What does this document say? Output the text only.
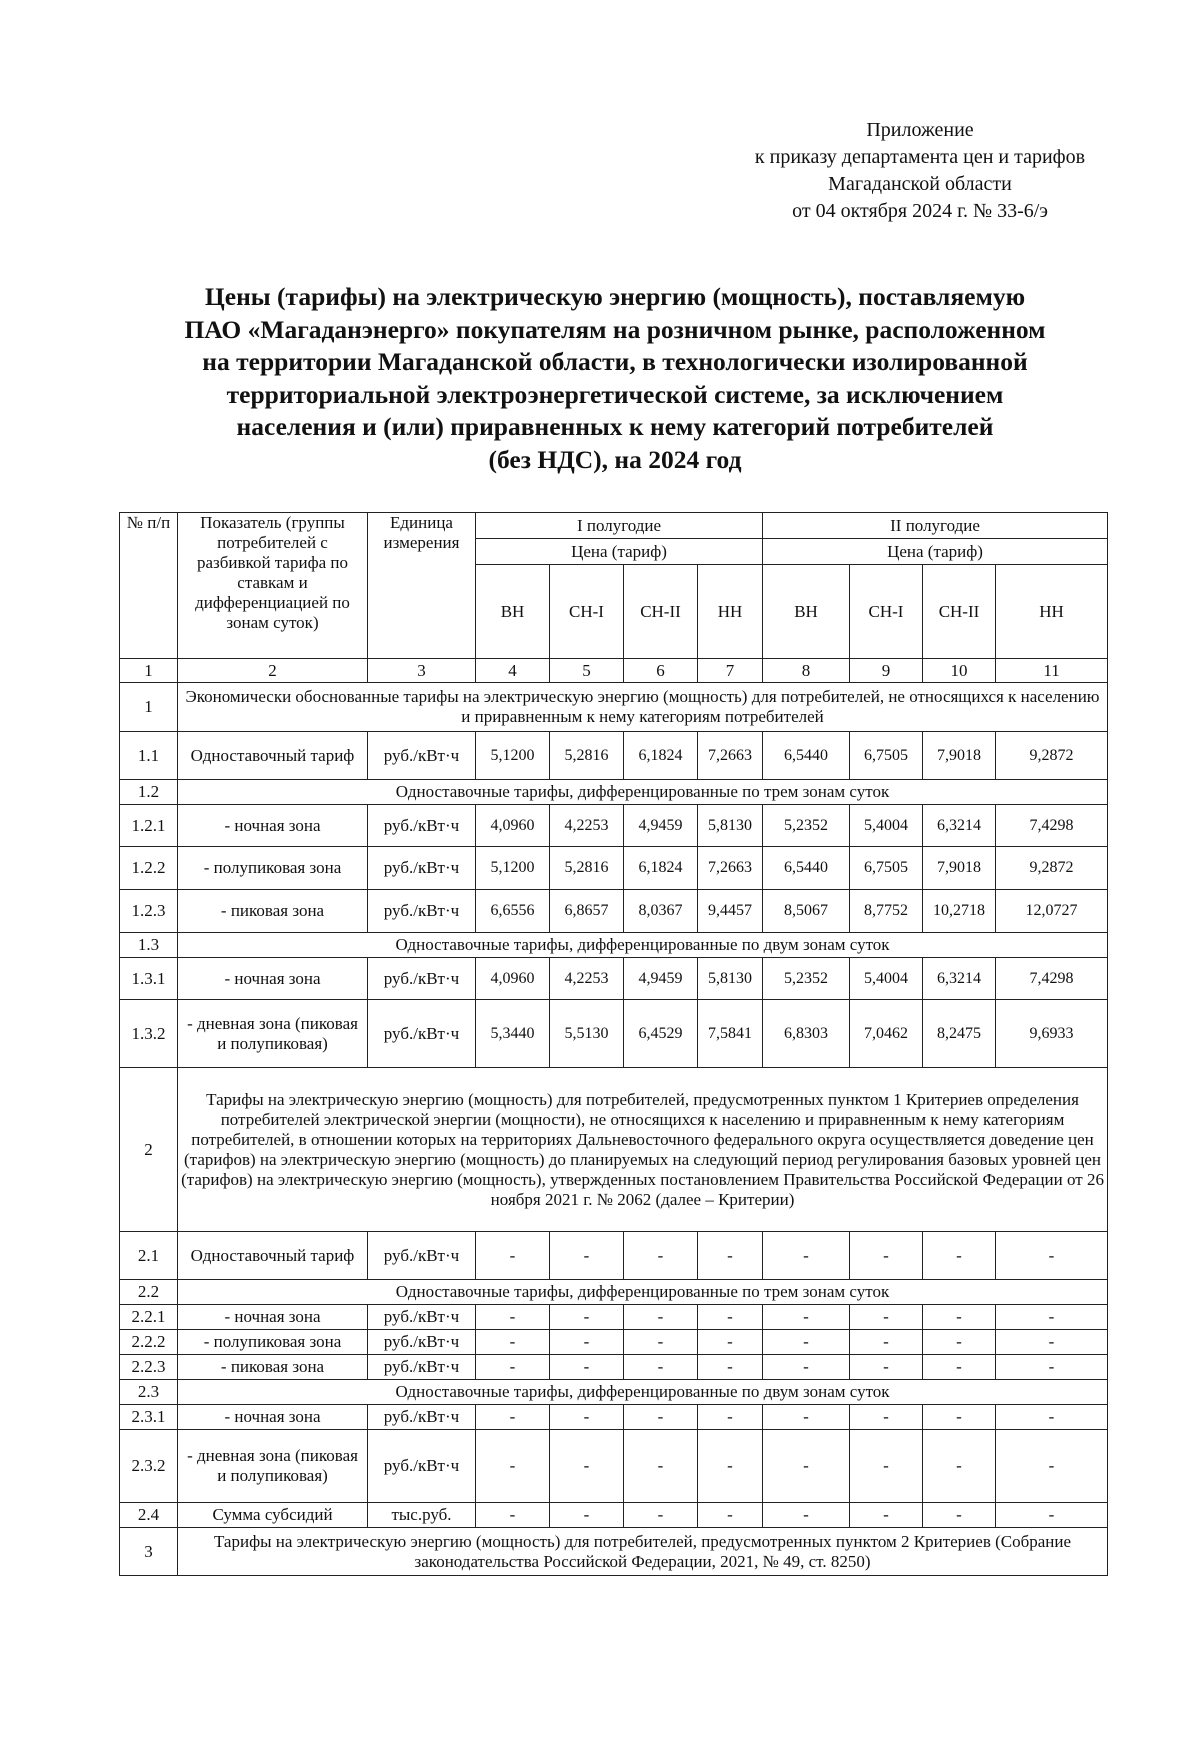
Приложение
к приказу департамента цен и тарифов
Магаданской области
от 04 октября 2024 г. № 33-6/э
Цены (тарифы) на электрическую энергию (мощность), поставляемую
ПАО «Магаданэнерго» покупателям на розничном рынке, расположенном
на территории Магаданской области, в технологически изолированной
территориальной электроэнергетической системе, за исключением
населения и (или) приравненных к нему категорий потребителей
(без НДС), на 2024 год
№ п/п	Показатель (группы потребителей с разбивкой тарифа по ставкам и дифференциацией по зонам суток)	Единица измерения	I полугодие				II полугодие			
			Цена (тариф)				Цена (тариф)			
			ВН	СН-I	СН-II	НН	ВН	СН-I	СН-II	НН
1	2	3	4	5	6	7	8	9	10	11
1	Экономически обоснованные тарифы на электрическую энергию (мощность) для потребителей, не относящихся к населению и приравненным к нему категориям потребителей									
1.1	Одноставочный тариф	руб./кВт·ч	5,1200	5,2816	6,1824	7,2663	6,5440	6,7505	7,9018	9,2872
1.2	Одноставочные тарифы, дифференцированные по трем зонам суток									
1.2.1	- ночная зона	руб./кВт·ч	4,0960	4,2253	4,9459	5,8130	5,2352	5,4004	6,3214	7,4298
1.2.2	- полупиковая зона	руб./кВт·ч	5,1200	5,2816	6,1824	7,2663	6,5440	6,7505	7,9018	9,2872
1.2.3	- пиковая зона	руб./кВт·ч	6,6556	6,8657	8,0367	9,4457	8,5067	8,7752	10,2718	12,0727
1.3	Одноставочные тарифы, дифференцированные по двум зонам суток									
1.3.1	- ночная зона	руб./кВт·ч	4,0960	4,2253	4,9459	5,8130	5,2352	5,4004	6,3214	7,4298
1.3.2	- дневная зона (пиковая и полупиковая)	руб./кВт·ч	5,3440	5,5130	6,4529	7,5841	6,8303	7,0462	8,2475	9,6933
2	Тарифы на электрическую энергию (мощность) для потребителей, предусмотренных пунктом 1 Критериев определения потребителей электрической энергии (мощности), не относящихся к населению и приравненным к нему категориям потребителей, в отношении которых на территориях Дальневосточного федерального округа осуществляется доведение цен (тарифов) на электрическую энергию (мощность) до планируемых на следующий период регулирования базовых уровней цен (тарифов) на электрическую энергию (мощность), утвержденных постановлением Правительства Российской Федерации от 26 ноября 2021 г. № 2062 (далее – Критерии)									
2.1	Одноставочный тариф	руб./кВт·ч	-	-	-	-	-	-	-	-
2.2	Одноставочные тарифы, дифференцированные по трем зонам суток									
2.2.1	- ночная зона	руб./кВт·ч	-	-	-	-	-	-	-	-
2.2.2	- полупиковая зона	руб./кВт·ч	-	-	-	-	-	-	-	-
2.2.3	- пиковая зона	руб./кВт·ч	-	-	-	-	-	-	-	-
2.3	Одноставочные тарифы, дифференцированные по двум зонам суток									
2.3.1	- ночная зона	руб./кВт·ч	-	-	-	-	-	-	-	-
2.3.2	- дневная зона (пиковая и полупиковая)	руб./кВт·ч	-	-	-	-	-	-	-	-
2.4	Сумма субсидий	тыс.руб.	-	-	-	-	-	-	-	-
3	Тарифы на электрическую энергию (мощность) для потребителей, предусмотренных пунктом 2 Критериев (Собрание законодательства Российской Федерации, 2021, № 49, ст. 8250)									
